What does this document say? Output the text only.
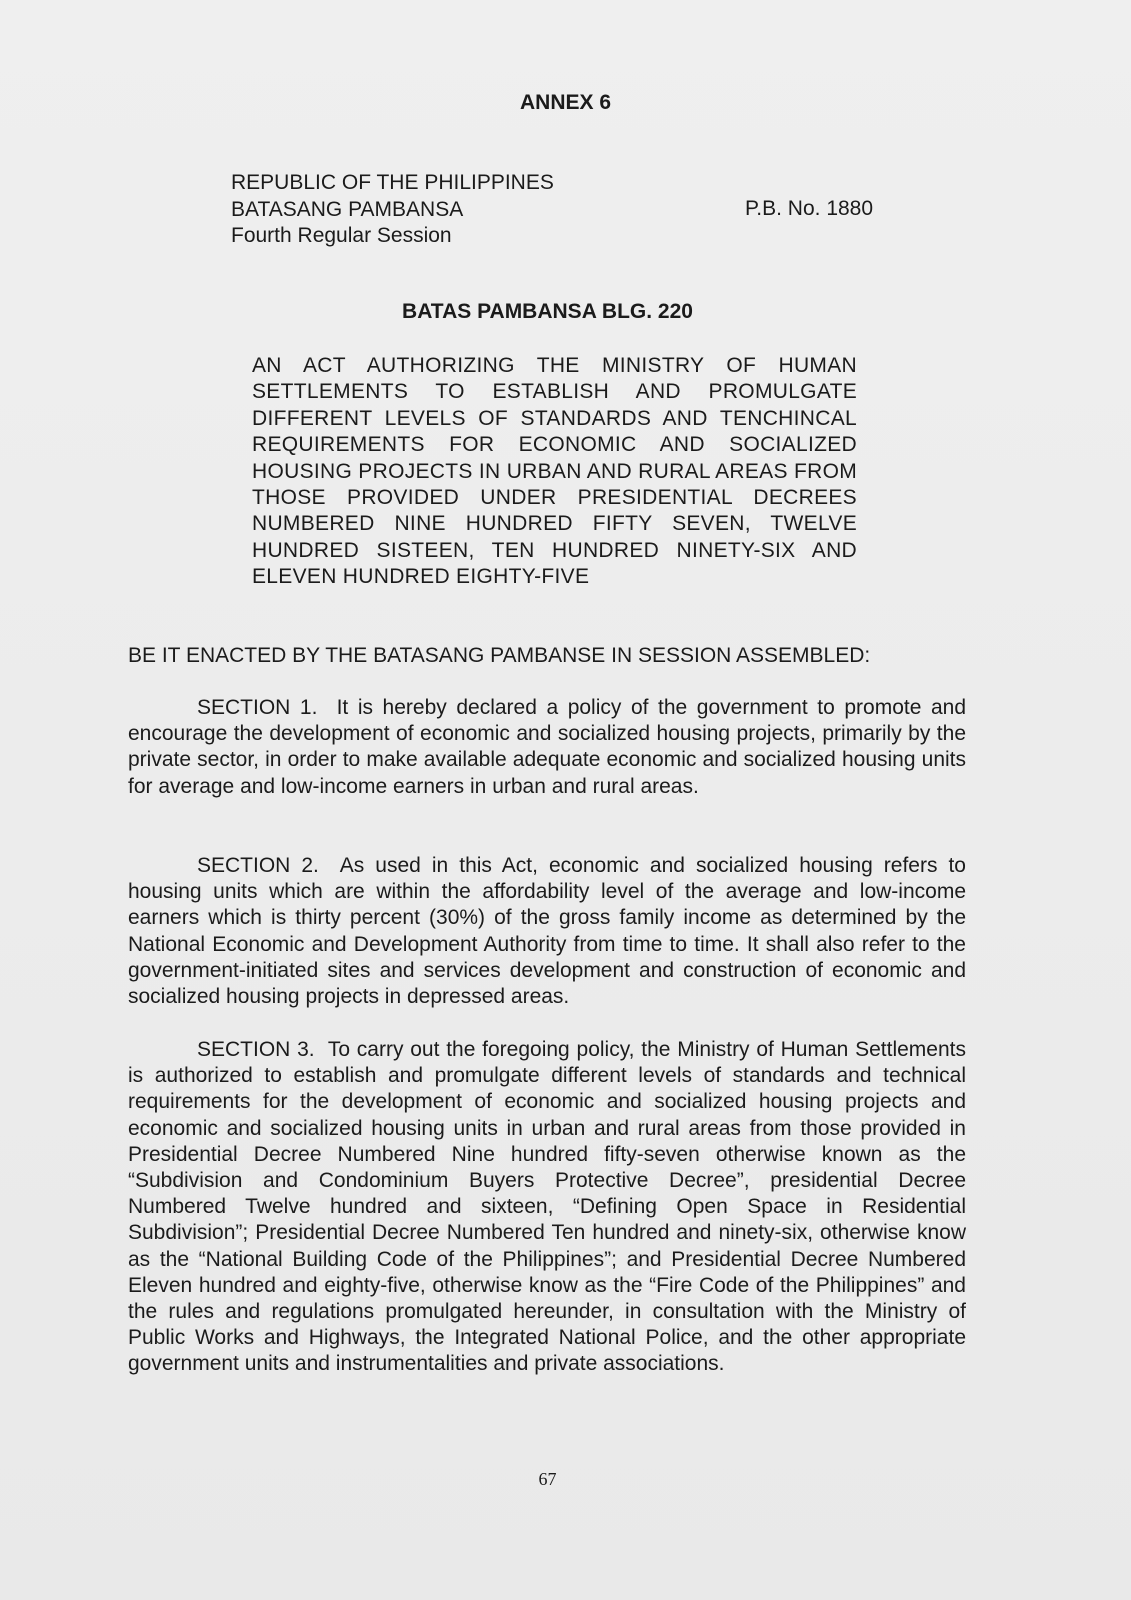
ANNEX 6
REPUBLIC OF THE PHILIPPINES
BATASANG PAMBANSA
Fourth Regular Session
P.B. No. 1880
BATAS PAMBANSA BLG. 220
AN ACT AUTHORIZING THE MINISTRY OF HUMAN SETTLEMENTS TO ESTABLISH AND PROMULGATE DIFFERENT LEVELS OF STANDARDS AND TENCHINCAL REQUIREMENTS FOR ECONOMIC AND SOCIALIZED HOUSING PROJECTS IN URBAN AND RURAL AREAS FROM THOSE PROVIDED UNDER PRESIDENTIAL DECREES NUMBERED NINE HUNDRED FIFTY SEVEN, TWELVE HUNDRED SISTEEN, TEN HUNDRED NINETY-SIX AND ELEVEN HUNDRED EIGHTY-FIVE
BE IT ENACTED BY THE BATASANG PAMBANSE IN SESSION ASSEMBLED:

SECTION 1. It is hereby declared a policy of the government to promote and encourage the development of economic and socialized housing projects, primarily by the private sector, in order to make available adequate economic and socialized housing units for average and low-income earners in urban and rural areas.

SECTION 2. As used in this Act, economic and socialized housing refers to housing units which are within the affordability level of the average and low-income earners which is thirty percent (30%) of the gross family income as determined by the National Economic and Development Authority from time to time. It shall also refer to the government-initiated sites and services development and construction of economic and socialized housing projects in depressed areas.

SECTION 3. To carry out the foregoing policy, the Ministry of Human Settlements is authorized to establish and promulgate different levels of standards and technical requirements for the development of economic and socialized housing projects and economic and socialized housing units in urban and rural areas from those provided in Presidential Decree Numbered Nine hundred fifty-seven otherwise known as the “Subdivision and Condominium Buyers Protective Decree”, presidential Decree Numbered Twelve hundred and sixteen, “Defining Open Space in Residential Subdivision”; Presidential Decree Numbered Ten hundred and ninety-six, otherwise know as the “National Building Code of the Philippines”; and Presidential Decree Numbered Eleven hundred and eighty-five, otherwise know as the “Fire Code of the Philippines” and the rules and regulations promulgated hereunder, in consultation with the Ministry of Public Works and Highways, the Integrated National Police, and the other appropriate government units and instrumentalities and private associations.

67
